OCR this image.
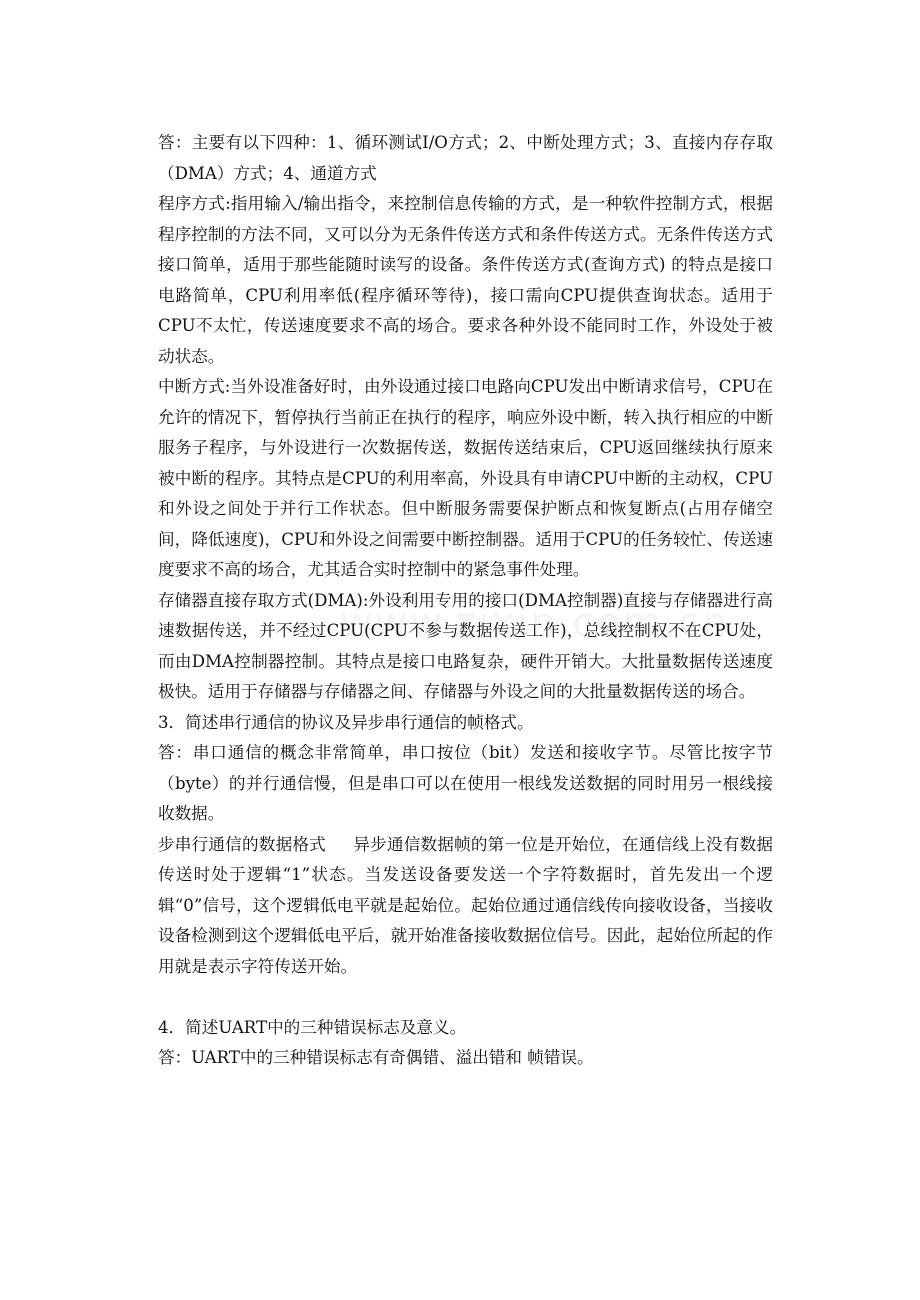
答：主要有以下四种：1、循环测试I/O方式；2、中断处理方式；3、直接内存存取（DMA）方式；4、通道方式

程序方式:指用输入/输出指令，来控制信息传输的方式，是一种软件控制方式，根据程序控制的方法不同，又可以分为无条件传送方式和条件传送方式。无条件传送方式接口简单，适用于那些能随时读写的设备。条件传送方式(查询方式) 的特点是接口电路简单，CPU利用率低(程序循环等待)，接口需向CPU提供查询状态。适用于CPU不太忙，传送速度要求不高的场合。要求各种外设不能同时工作，外设处于被动状态。

中断方式:当外设准备好时，由外设通过接口电路向CPU发出中断请求信号，CPU在允许的情况下，暂停执行当前正在执行的程序，响应外设中断，转入执行相应的中断服务子程序，与外设进行一次数据传送，数据传送结束后，CPU返回继续执行原来被中断的程序。其特点是CPU的利用率高，外设具有申请CPU中断的主动权，CPU和外设之间处于并行工作状态。但中断服务需要保护断点和恢复断点(占用存储空间，降低速度)，CPU和外设之间需要中断控制器。适用于CPU的任务较忙、传送速度要求不高的场合，尤其适合实时控制中的紧急事件处理。

存储器直接存取方式(DMA):外设利用专用的接口(DMA控制器)直接与存储器进行高速数据传送，并不经过CPU(CPU不参与数据传送工作)，总线控制权不在CPU处，而由DMA控制器控制。其特点是接口电路复杂，硬件开销大。大批量数据传送速度极快。适用于存储器与存储器之间、存储器与外设之间的大批量数据传送的场合。

3．简述串行通信的协议及异步串行通信的帧格式。

答：串口通信的概念非常简单，串口按位（bit）发送和接收字节。尽管比按字节（byte）的并行通信慢，但是串口可以在使用一根线发送数据的同时用另一根线接收数据。

步串行通信的数据格式     异步通信数据帧的第一位是开始位，在通信线上没有数据传送时处于逻辑“1”状态。当发送设备要发送一个字符数据时，首先发出一个逻辑“0”信号，这个逻辑低电平就是起始位。起始位通过通信线传向接收设备，当接收设备检测到这个逻辑低电平后，就开始准备接收数据位信号。因此，起始位所起的作用就是表示字符传送开始。

4．简述UART中的三种错误标志及意义。

答：UART中的三种错误标志有奇偶错、溢出错和 帧错误。
